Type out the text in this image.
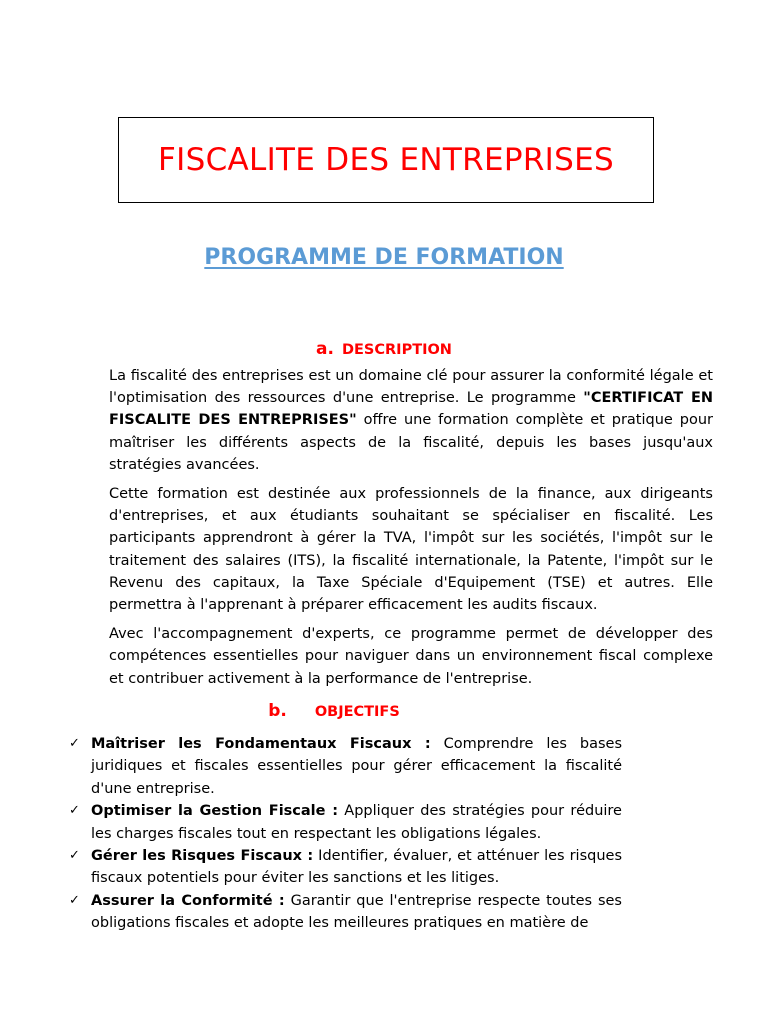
FISCALITE DES ENTREPRISES
PROGRAMME DE FORMATION
a. DESCRIPTION

La fiscalité des entreprises est un domaine clé pour assurer la conformité légale et l'optimisation des ressources d'une entreprise. Le programme "CERTIFICAT EN FISCALITE DES ENTREPRISES" offre une formation complète et pratique pour maîtriser les différents aspects de la fiscalité, depuis les bases jusqu'aux stratégies avancées.

Cette formation est destinée aux professionnels de la finance, aux dirigeants d'entreprises, et aux étudiants souhaitant se spécialiser en fiscalité. Les participants apprendront à gérer la TVA, l'impôt sur les sociétés, l'impôt sur le traitement des salaires (ITS), la fiscalité internationale, la Patente, l'impôt sur le Revenu des capitaux, la Taxe Spéciale d'Equipement (TSE) et autres. Elle permettra à l'apprenant à préparer efficacement les audits fiscaux.

Avec l'accompagnement d'experts, ce programme permet de développer des compétences essentielles pour naviguer dans un environnement fiscal complexe et contribuer activement à la performance de l'entreprise.

b. OBJECTIFS
✓ Maîtriser les Fondamentaux Fiscaux : Comprendre les bases juridiques et fiscales essentielles pour gérer efficacement la fiscalité d'une entreprise.
✓ Optimiser la Gestion Fiscale : Appliquer des stratégies pour réduire les charges fiscales tout en respectant les obligations légales.
✓ Gérer les Risques Fiscaux : Identifier, évaluer, et atténuer les risques fiscaux potentiels pour éviter les sanctions et les litiges.
✓ Assurer la Conformité : Garantir que l'entreprise respecte toutes ses obligations fiscales et adopte les meilleures pratiques en matière de
